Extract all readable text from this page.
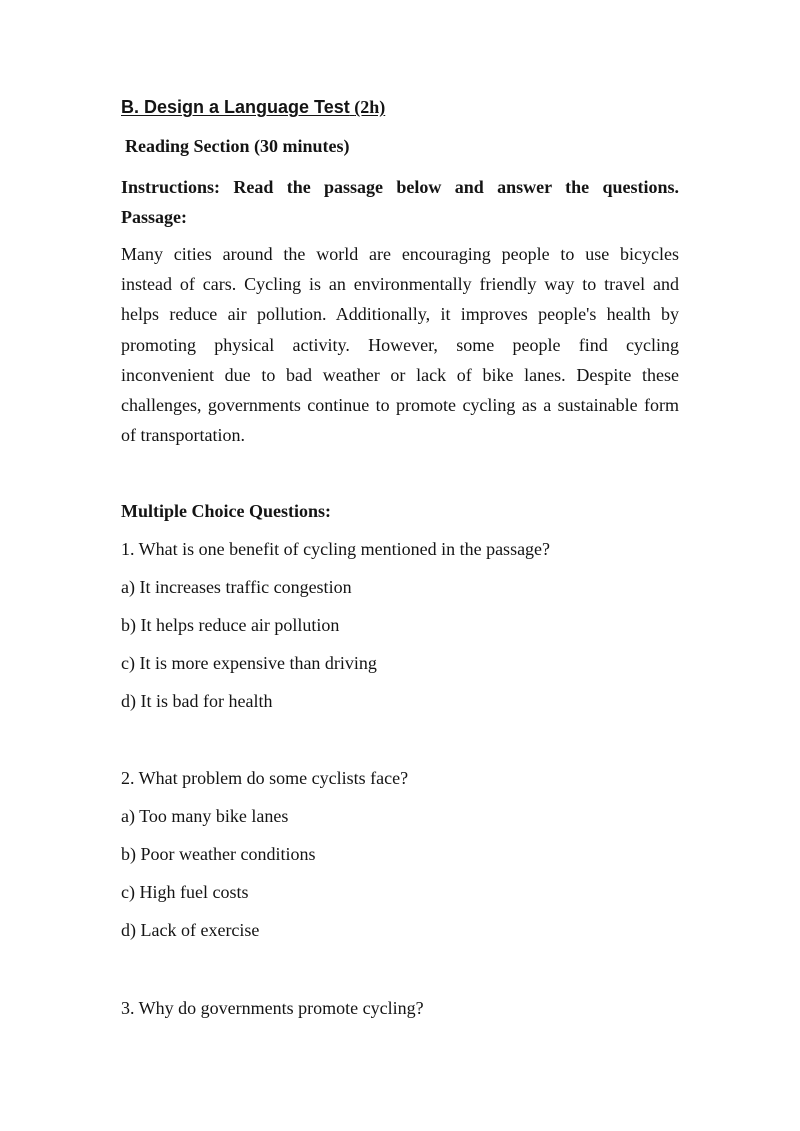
B. Design a Language Test (2h)
Reading Section (30 minutes)
Instructions: Read the passage below and answer the questions.
Passage:
Many cities around the world are encouraging people to use bicycles
instead of cars. Cycling is an environmentally friendly way to travel and
helps reduce air pollution. Additionally, it improves people's health by
promoting physical activity. However, some people find cycling
inconvenient due to bad weather or lack of bike lanes. Despite these
challenges, governments continue to promote cycling as a sustainable form
of transportation.
Multiple Choice Questions:
1. What is one benefit of cycling mentioned in the passage?
a) It increases traffic congestion
b) It helps reduce air pollution
c) It is more expensive than driving
d) It is bad for health
2. What problem do some cyclists face?
a) Too many bike lanes
b) Poor weather conditions
c) High fuel costs
d) Lack of exercise
3. Why do governments promote cycling?
